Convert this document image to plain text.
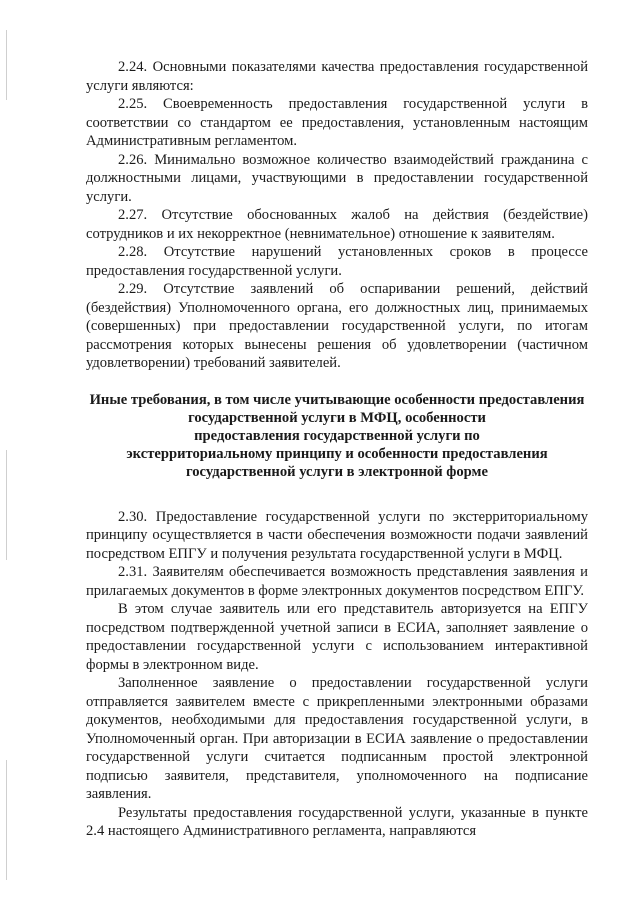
2.24. Основными показателями качества предоставления государственной услуги являются:

2.25. Своевременность предоставления государственной услуги в соответствии со стандартом ее предоставления, установленным настоящим Административным регламентом.

2.26. Минимально возможное количество взаимодействий гражданина с должностными лицами, участвующими в предоставлении государственной услуги.

2.27. Отсутствие обоснованных жалоб на действия (бездействие) сотрудников и их некорректное (невнимательное) отношение к заявителям.

2.28. Отсутствие нарушений установленных сроков в процессе предоставления государственной услуги.

2.29. Отсутствие заявлений об оспаривании решений, действий (бездействия) Уполномоченного органа, его должностных лиц, принимаемых (совершенных) при предоставлении государственной услуги, по итогам рассмотрения которых вынесены решения об удовлетворении (частичном удовлетворении) требований заявителей.

Иные требования, в том числе учитывающие особенности предоставления
государственной услуги в МФЦ, особенности
предоставления государственной услуги по
экстерриториальному принципу и особенности предоставления
государственной услуги в электронной форме

2.30. Предоставление государственной услуги по экстерриториальному принципу осуществляется в части обеспечения возможности подачи заявлений посредством ЕПГУ и получения результата государственной услуги в МФЦ.

2.31. Заявителям обеспечивается возможность представления заявления и прилагаемых документов в форме электронных документов посредством ЕПГУ.

В этом случае заявитель или его представитель авторизуется на ЕПГУ посредством подтвержденной учетной записи в ЕСИА, заполняет заявление о предоставлении государственной услуги с использованием интерактивной формы в электронном виде.

Заполненное заявление о предоставлении государственной услуги отправляется заявителем вместе с прикрепленными электронными образами документов, необходимыми для предоставления государственной услуги, в Уполномоченный орган. При авторизации в ЕСИА заявление о предоставлении государственной услуги считается подписанным простой электронной подписью заявителя, представителя, уполномоченного на подписание заявления.

Результаты предоставления государственной услуги, указанные в пункте 2.4 настоящего Административного регламента, направляются
